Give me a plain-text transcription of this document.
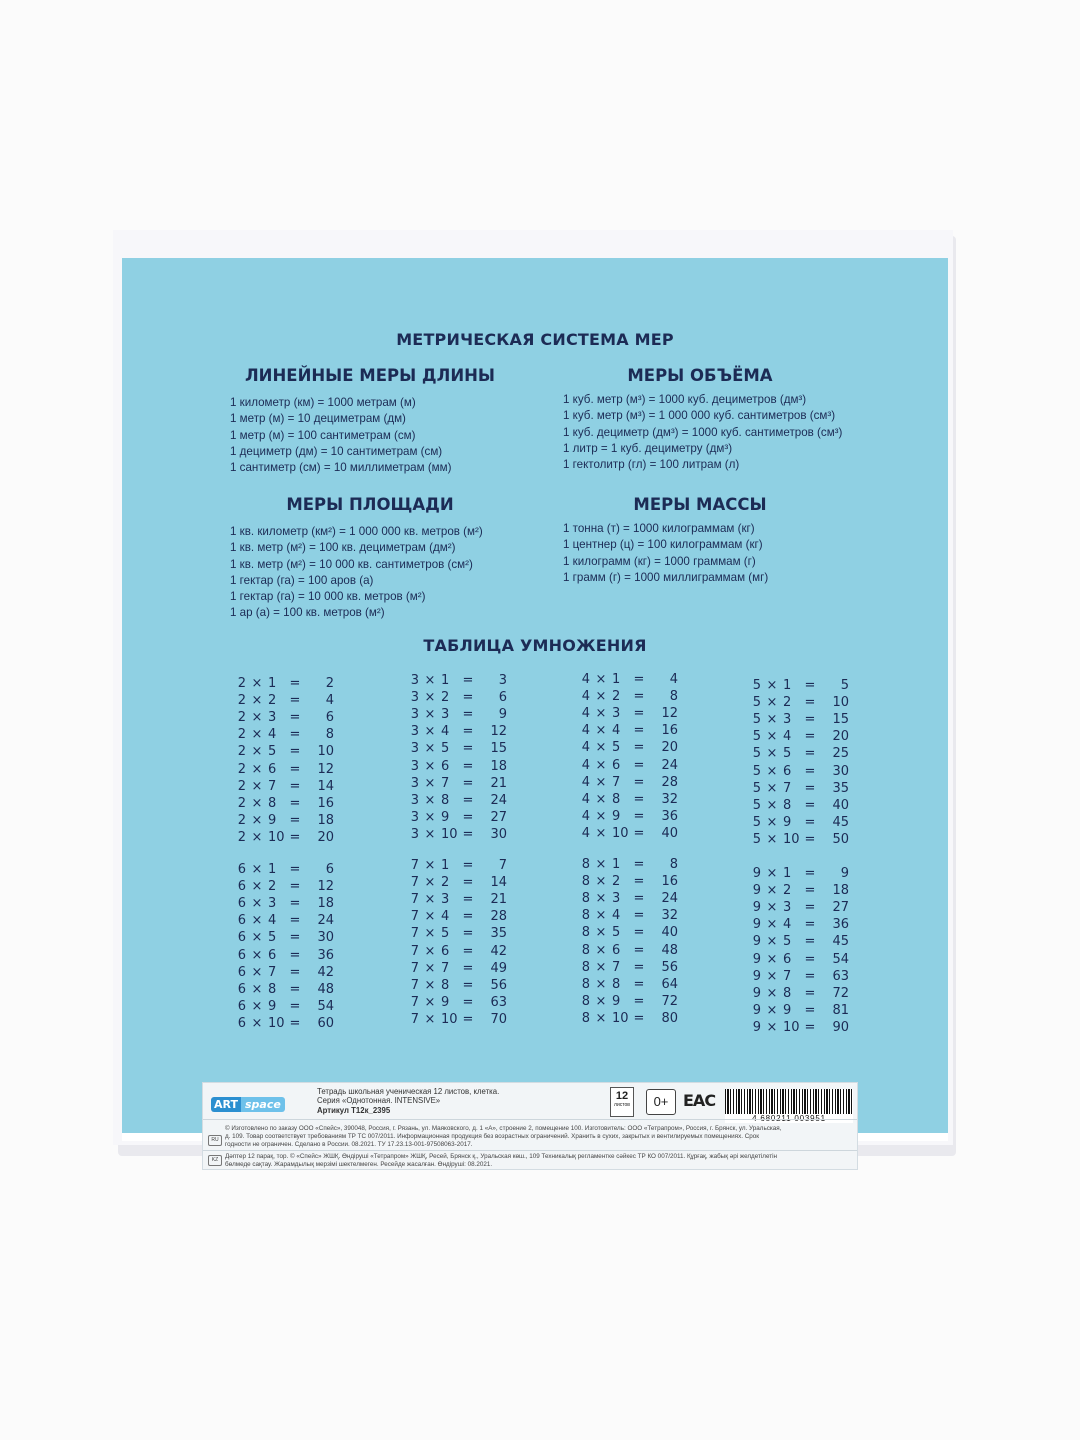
МЕТРИЧЕСКАЯ СИСТЕМА МЕР
ЛИНЕЙНЫЕ МЕРЫ ДЛИНЫ
1 километр (км) = 1000 метрам (м)
1 метр (м) = 10 дециметрам (дм)
1 метр (м) = 100 сантиметрам (см)
1 дециметр (дм) = 10 сантиметрам (см)
1 сантиметр (см) = 10 миллиметрам (мм)
МЕРЫ ОБЪЁМА
1 куб. метр (м³) = 1000 куб. дециметров (дм³)
1 куб. метр (м³) = 1 000 000 куб. сантиметров (см³)
1 куб. дециметр (дм³) = 1000 куб. сантиметров (см³)
1 литр = 1 куб. дециметру (дм³)
1 гектолитр (гл) = 100 литрам (л)
МЕРЫ ПЛОЩАДИ
1 кв. километр (км²) = 1 000 000 кв. метров (м²)
1 кв. метр (м²) = 100 кв. дециметрам (дм²)
1 кв. метр (м²) = 10 000 кв. сантиметров (см²)
1 гектар (га) = 100 аров (а)
1 гектар (га) = 10 000 кв. метров (м²)
1 ар (а) = 100 кв. метров (м²)
МЕРЫ МАССЫ
1 тонна (т) = 1000 килограммам (кг)
1 центнер (ц) = 100 килограммам (кг)
1 килограмм (кг) = 1000 граммам (г)
1 грамм (г) = 1000 миллиграммам (мг)
ТАБЛИЦА УМНОЖЕНИЯ
2 × 1	=	2
2 × 2	=	4
2 × 3	=	6
2 × 4	=	8
2 × 5	=	10
2 × 6	=	12
2 × 7	=	14
2 × 8	=	16
2 × 9	=	18
2 × 10 =	20
3 × 1	=	3
3 × 2	=	6
3 × 3	=	9
3 × 4	=	12
3 × 5	=	15
3 × 6	=	18
3 × 7	=	21
3 × 8	=	24
3 × 9	=	27
3 × 10 =	30
4 × 1	=	4
4 × 2	=	8
4 × 3	=	12
4 × 4	=	16
4 × 5	=	20
4 × 6	=	24
4 × 7	=	28
4 × 8	=	32
4 × 9	=	36
4 × 10 =	40
5 × 1	=	5
5 × 2	=	10
5 × 3	=	15
5 × 4	=	20
5 × 5	=	25
5 × 6	=	30
5 × 7	=	35
5 × 8	=	40
5 × 9	=	45
5 × 10 =	50
6 × 1	=	6
6 × 2	=	12
6 × 3	=	18
6 × 4	=	24
6 × 5	=	30
6 × 6	=	36
6 × 7	=	42
6 × 8	=	48
6 × 9	=	54
6 × 10 =	60
7 × 1	=	7
7 × 2	=	14
7 × 3	=	21
7 × 4	=	28
7 × 5	=	35
7 × 6	=	42
7 × 7	=	49
7 × 8	=	56
7 × 9	=	63
7 × 10 =	70
8 × 1	=	8
8 × 2	=	16
8 × 3	=	24
8 × 4	=	32
8 × 5	=	40
8 × 6	=	48
8 × 7	=	56
8 × 8	=	64
8 × 9	=	72
8 × 10 =	80
9 × 1	=	9
9 × 2	=	18
9 × 3	=	27
9 × 4	=	36
9 × 5	=	45
9 × 6	=	54
9 × 7	=	63
9 × 8	=	72
9 × 9	=	81
9 × 10 =	90
ART space
Тетрадь школьная ученическая 12 листов, клетка.
Серия «Однотонная. INTENSIVE»
Артикул Т12к_2395
12
листов	0+ EAC
RU
© Изготовлено по заказу ООО «Спейс», 390048, Россия, г. Рязань, ул. Маяковского, д. 1 «А», строение 2, помещение 100. Изготовитель: ООО «Тетрапром», Россия, г. Брянск, ул. Уральская,
д. 109. Товар соответствует требованиям ТР ТС 007/2011. Информационная продукция без возрастных ограничений. Хранить в сухих, закрытых и вентилируемых помещениях. Срок
годности не ограничен. Сделано в России. 08.2021. ТУ 17.23.13-001-97508063-2017.
KZ	Дәптер 12 парақ, тор. © «Спейс» ЖШҚ. Өндіруші «Тетрапром» ЖШҚ, Ресей, Брянск қ., Уральская көш., 109 Техникалық регламентке сәйкес ТР КО 007/2011. Құрғақ, жабық әрі желдетілетін
бөлмеде сақтау. Жарамдылық мерзімі шектелмеген. Ресейде жасалған. Өндіруші: 08.2021.
